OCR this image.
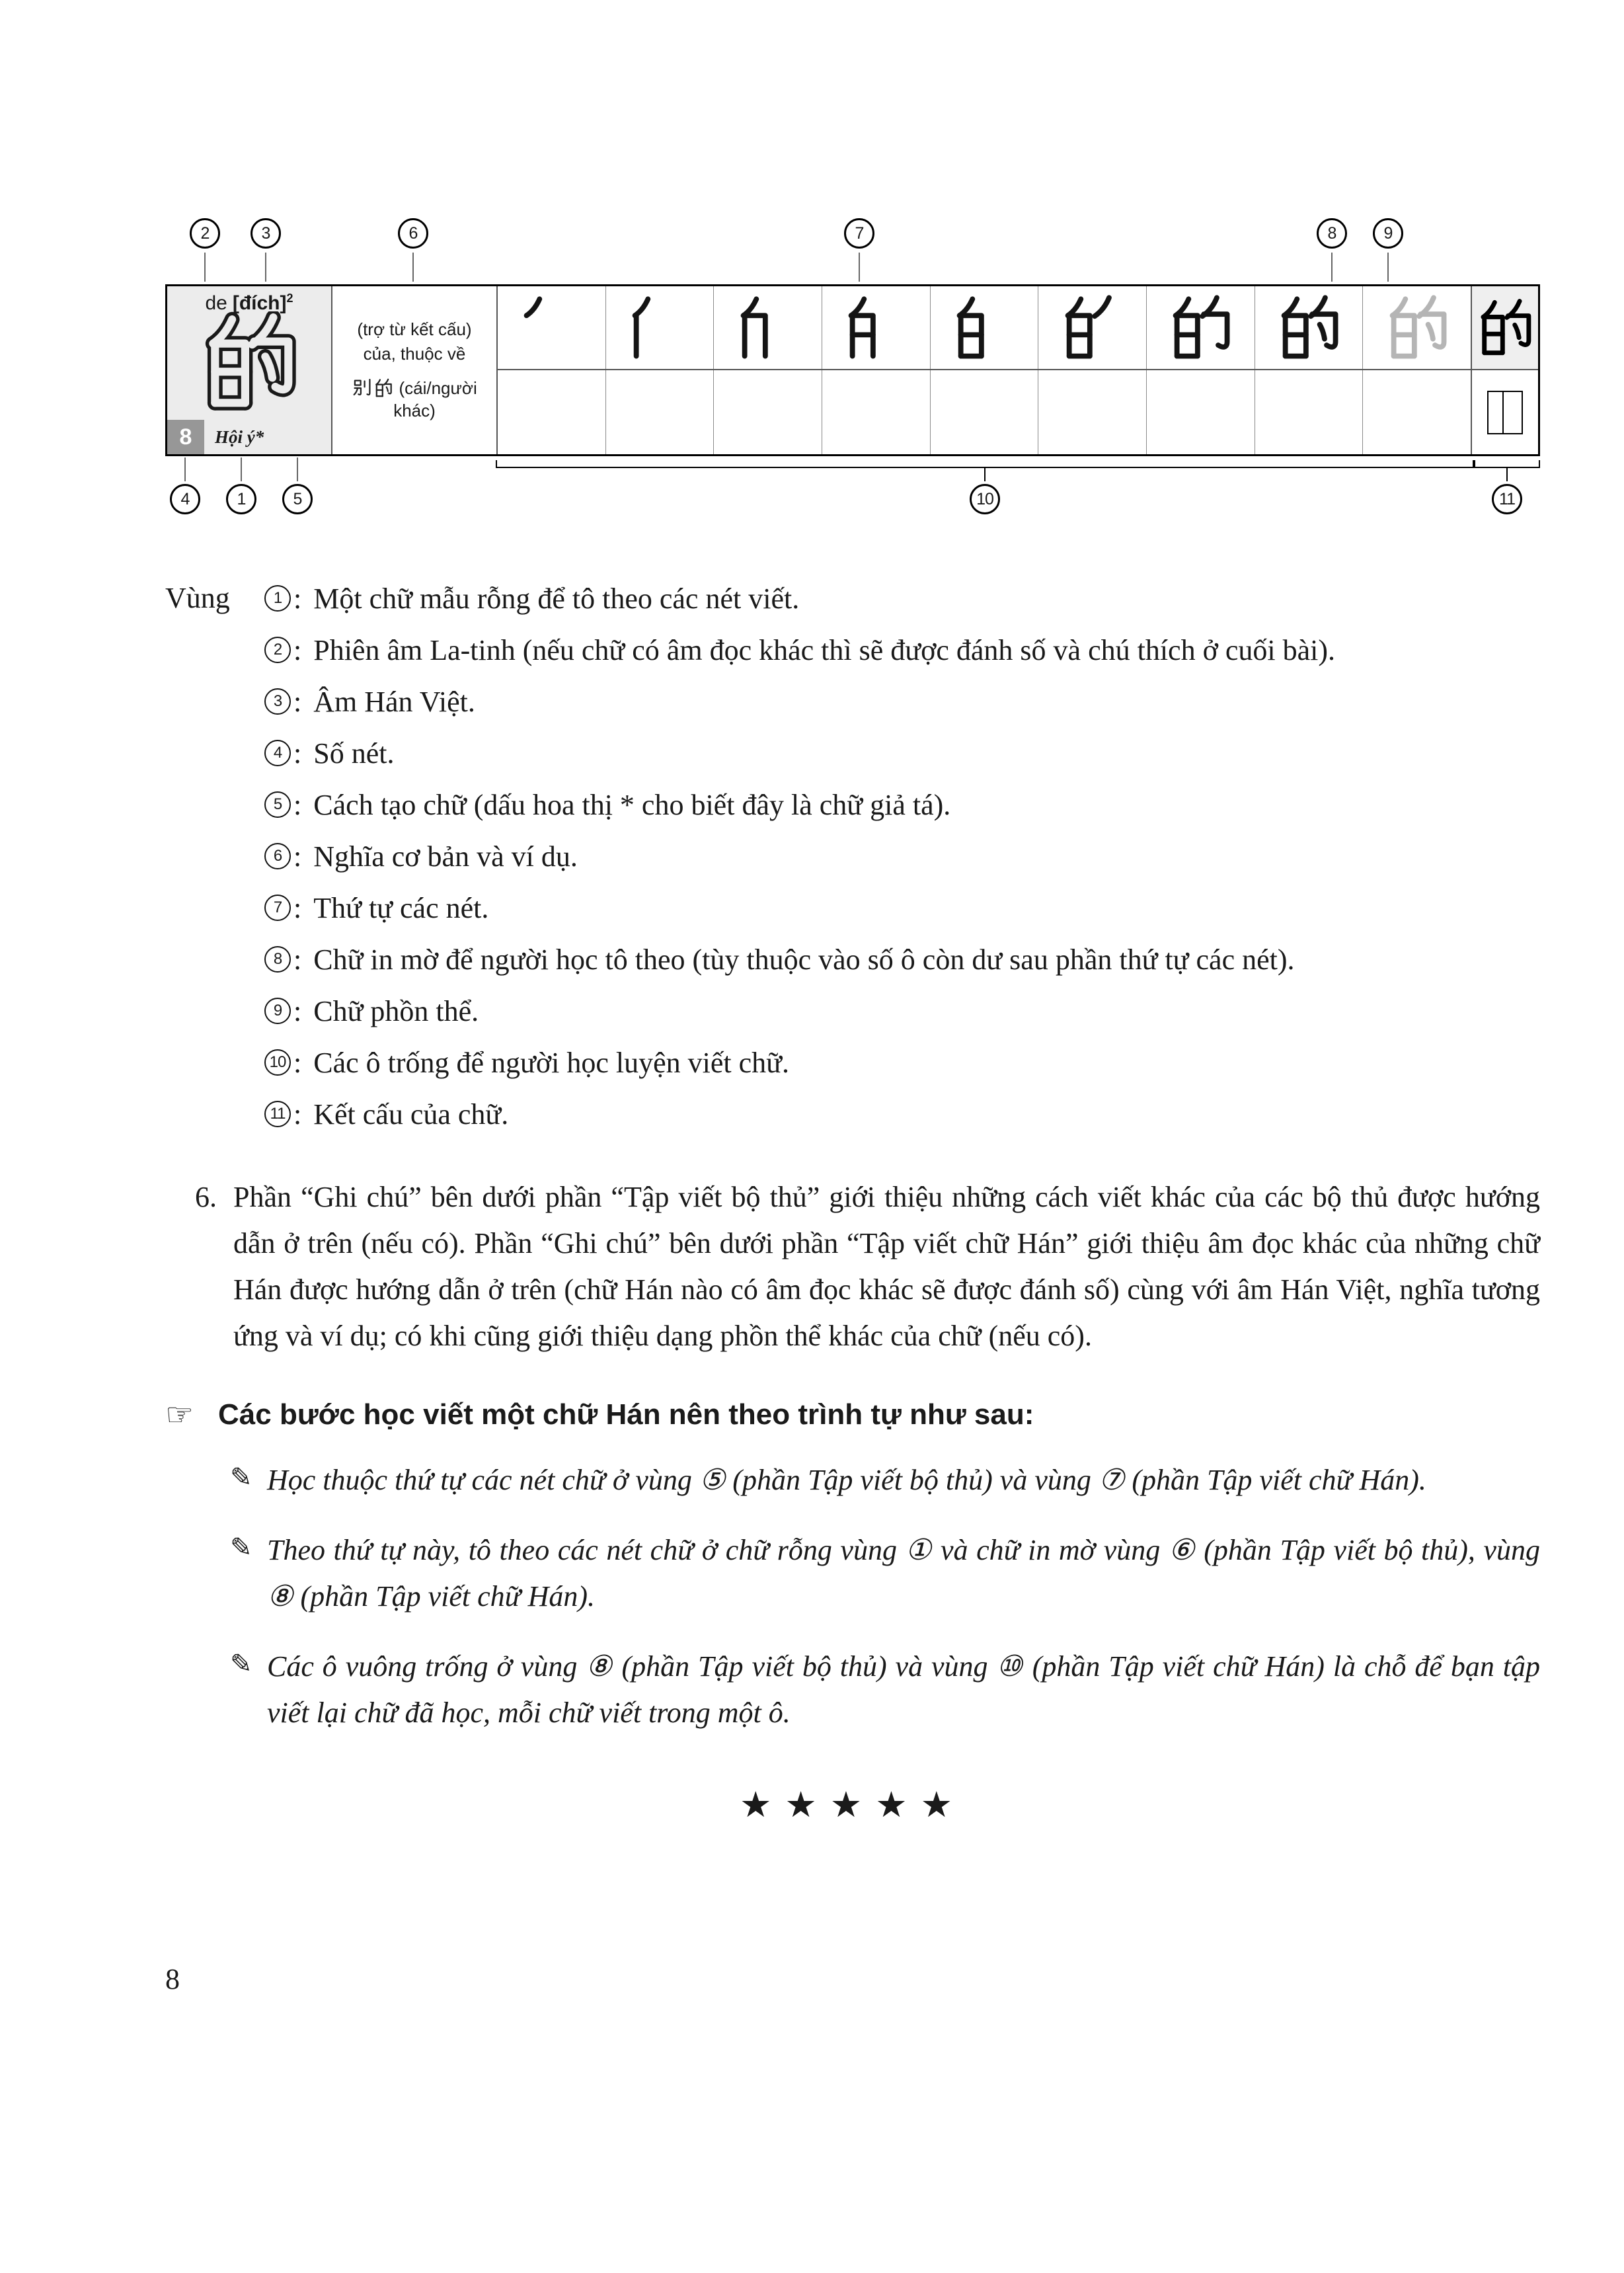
2	3	6	7	8	9
de [đích]$^2$
8	Hội ý*
(trợ từ kết cấu)
của, thuộc về
(cái/người khác)
4	1	5	10	11
Vùng	1 : Một chữ mẫu rỗng để tô theo các nét viết.
2 : Phiên âm La-tinh (nếu chữ có âm đọc khác thì sẽ được đánh số và chú thích ở cuối bài).
3 : Âm Hán Việt.
4 : Số nét.
5 : Cách tạo chữ (dấu hoa thị * cho biết đây là chữ giả tá).
6 : Nghĩa cơ bản và ví dụ.
7 : Thứ tự các nét.
8 : Chữ in mờ để người học tô theo (tùy thuộc vào số ô còn dư sau phần thứ tự các nét).
9 : Chữ phồn thể.
10 : Các ô trống để người học luyện viết chữ.
11 : Kết cấu của chữ.
6. Phần “Ghi chú” bên dưới phần “Tập viết bộ thủ” giới thiệu những cách viết khác của các bộ thủ được hướng dẫn ở trên (nếu có). Phần “Ghi chú” bên dưới phần “Tập viết chữ Hán” giới thiệu âm đọc khác của những chữ Hán được hướng dẫn ở trên (chữ Hán nào có âm đọc khác sẽ được đánh số) cùng với âm Hán Việt, nghĩa tương ứng và ví dụ; có khi cũng giới thiệu dạng phồn thể khác của chữ (nếu có).
☞ Các bước học viết một chữ Hán nên theo trình tự như sau:
✎ Học thuộc thứ tự các nét chữ ở vùng ⑤ (phần Tập viết bộ thủ) và vùng ⑦ (phần Tập viết chữ Hán).
✎ Theo thứ tự này, tô theo các nét chữ ở chữ rỗng vùng ① và chữ in mờ vùng ⑥ (phần Tập viết bộ thủ), vùng ⑧ (phần Tập viết chữ Hán).
✎ Các ô vuông trống ở vùng ⑧ (phần Tập viết bộ thủ) và vùng ⑩ (phần Tập viết chữ Hán) là chỗ để bạn tập viết lại chữ đã học, mỗi chữ viết trong một ô.
★★★★★
8
